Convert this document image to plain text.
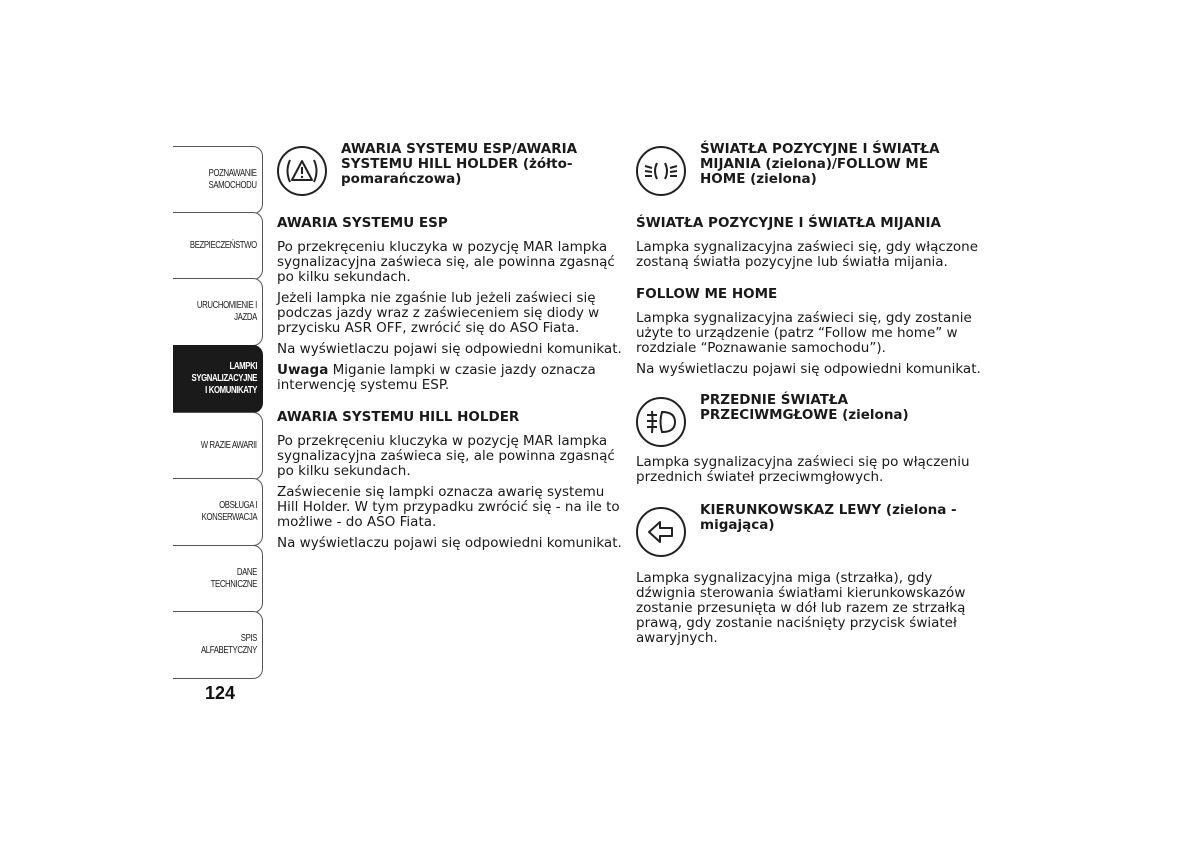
POZNAWANIE
SAMOCHODU
BEZPIECZEŃSTWO
URUCHOMIENIE I
JAZDA
LAMPKI
SYGNALIZACYJNE
I KOMUNIKATY
W RAZIE AWARII
OBSŁUGA I
KONSERWACJA
DANE TECHNICZNE
SPIS ALFABETYCZNY
124
AWARIA SYSTEMU ESP/AWARIA SYSTEMU HILL HOLDER (żółto-pomarańczowa)
AWARIA SYSTEMU ESP

Po przekręceniu kluczyka w pozycję MAR lampka sygnalizacyjna zaświeca się, ale powinna zgasnąć po kilku sekundach.

Jeżeli lampka nie zgaśnie lub jeżeli zaświeci się podczas jazdy wraz z zaświeceniem się diody w przycisku ASR OFF, zwrócić się do ASO Fiata.

Na wyświetlaczu pojawi się odpowiedni komunikat.

Uwaga Miganie lampki w czasie jazdy oznacza interwencję systemu ESP.

AWARIA SYSTEMU HILL HOLDER

Po przekręceniu kluczyka w pozycję MAR lampka sygnalizacyjna zaświeca się, ale powinna zgasnąć po kilku sekundach.

Zaświecenie się lampki oznacza awarię systemu Hill Holder. W tym przypadku zwrócić się - na ile to możliwe - do ASO Fiata.

Na wyświetlaczu pojawi się odpowiedni komunikat.

ŚWIATŁA POZYCYJNE I ŚWIATŁA MIJANIA (zielona)/FOLLOW ME HOME (zielona)
ŚWIATŁA POZYCYJNE I ŚWIATŁA MIJANIA

Lampka sygnalizacyjna zaświeci się, gdy włączone zostaną światła pozycyjne lub światła mijania.

FOLLOW ME HOME

Lampka sygnalizacyjna zaświeci się, gdy zostanie użyte to urządzenie (patrz “Follow me home” w rozdziale “Poznawanie samochodu”).

Na wyświetlaczu pojawi się odpowiedni komunikat.

PRZEDNIE ŚWIATŁA PRZECIWMGŁOWE (zielona)

Lampka sygnalizacyjna zaświeci się po włączeniu przednich świateł przeciwmgłowych.

KIERUNKOWSKAZ LEWY (zielona - migająca)

Lampka sygnalizacyjna miga (strzałka), gdy dźwignia sterowania światłami kierunkowskazów zostanie przesunięta w dół lub razem ze strzałką prawą, gdy zostanie naciśnięty przycisk świateł awaryjnych.
